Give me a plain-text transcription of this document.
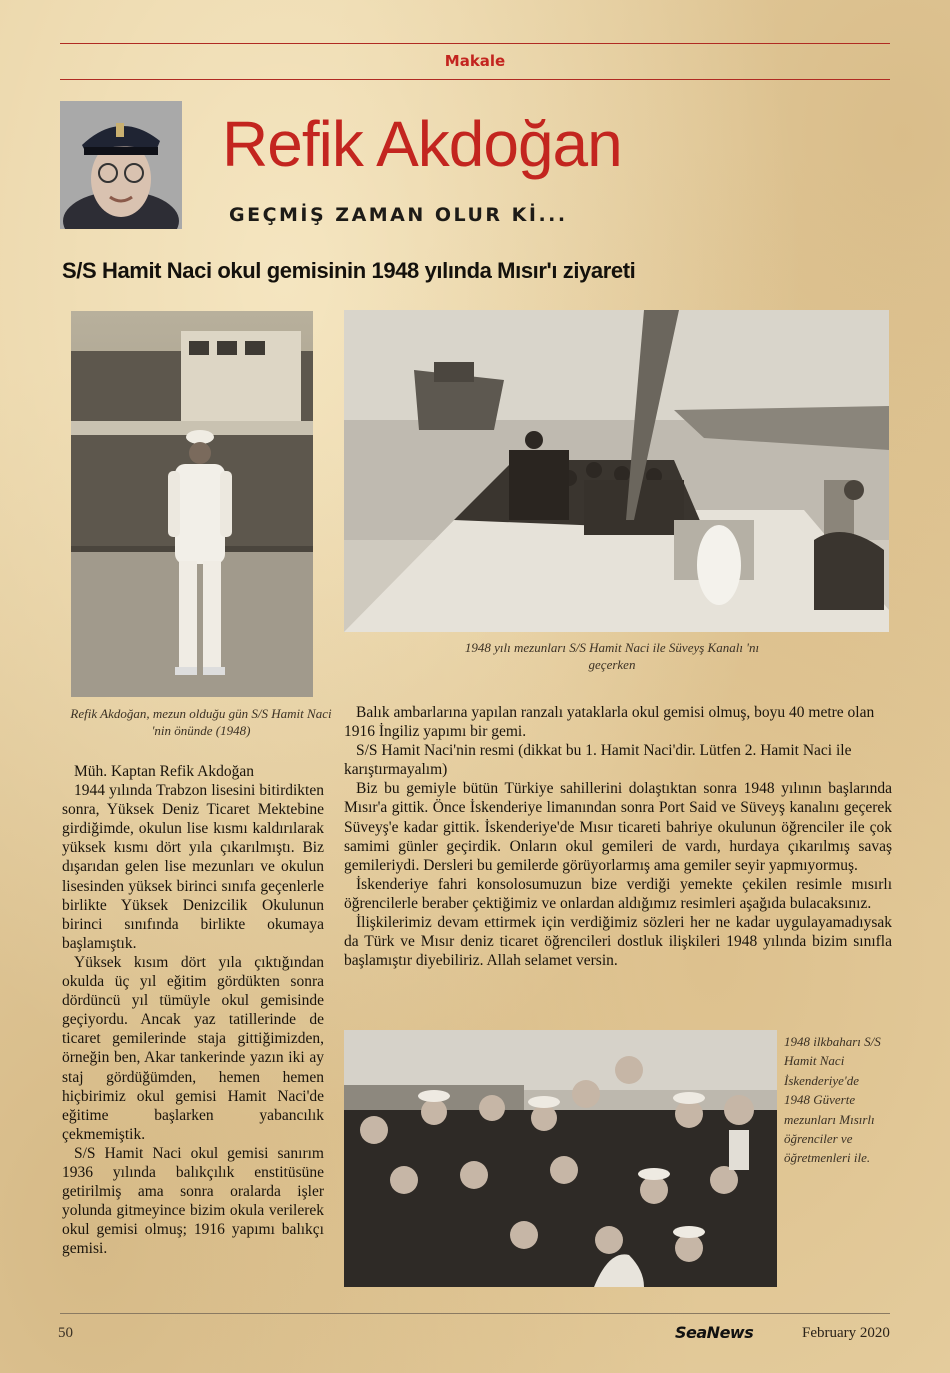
Makale
Refik Akdoğan
GEÇMİŞ ZAMAN OLUR Kİ...
S/S Hamit Naci okul gemisinin 1948 yılında Mısır'ı ziyareti
Refik Akdoğan, mezun olduğu gün S/S Hamit Naci 'nin önünde (1948)
1948 yılı mezunları S/S Hamit Naci ile Süveyş Kanalı 'nı geçerken

Müh. Kaptan Refik Akdoğan

1944 yılında Trabzon lisesini bitirdikten sonra, Yüksek Deniz Ticaret Mektebine girdiğimde, okulun lise kısmı kaldırılarak yüksek kısmı dört yıla çıkarılmıştı. Biz dışarıdan gelen lise mezunları ve okulun lisesinden yüksek birinci sınıfa geçenlerle birlikte Yüksek Denizcilik Okulunun birinci sınıfında birlikte okumaya başlamıştık.

Yüksek kısım dört yıla çıktığından okulda üç yıl eğitim gördükten sonra dördüncü yıl tümüyle okul gemisinde geçiyordu. Ancak yaz tatillerinde de ticaret gemilerinde staja gittiğimizden, örneğin ben, Akar tankerinde yazın iki ay staj gördüğümden, hemen hemen hiçbirimiz okul gemisi Hamit Naci'de eğitime başlarken yabancılık çekmemiştik.

S/S Hamit Naci okul gemisi sanırım 1936 yılında balıkçılık enstitüsüne getirilmiş ama sonra oralarda işler yolunda gitmeyince bizim okula verilerek okul gemisi olmuş; 1916 yapımı balıkçı gemisi.

Balık ambarlarına yapılan ranzalı yataklarla okul gemisi olmuş, boyu 40 metre olan 1916 İngiliz yapımı bir gemi.

S/S Hamit Naci'nin resmi (dikkat bu 1. Hamit Naci'dir. Lütfen 2. Hamit Naci ile karıştırmayalım)

Biz bu gemiyle bütün Türkiye sahillerini dolaştıktan sonra 1948 yılının başlarında Mısır'a gittik. Önce İskenderiye limanından sonra Port Said ve Süveyş kanalını geçerek Süveyş'e kadar gittik. İskenderiye'de Mısır ticareti bahriye okulunun öğrenciler ile çok samimi günler geçirdik. Onların okul gemileri de vardı, hurdaya çıkarılmış savaş gemileriydi. Dersleri bu gemilerde görüyorlarmış ama gemiler seyir yapmıyormuş.

İskenderiye fahri konsolosumuzun bize verdiği yemekte çekilen resimle mısırlı öğrencilerle beraber çektiğimiz ve onlardan aldığımız resimleri aşağıda bulacaksınız.

İlişkilerimiz devam ettirmek için verdiğimiz sözleri her ne kadar uygulayamadıysak da Türk ve Mısır deniz ticaret öğrencileri dostluk ilişkileri 1948 yılında bizim sınıfla başlamıştır diyebiliriz. Allah selamet versin.

1948 ilkbaharı S/S Hamit Naci İskenderiye'de 1948 Güverte mezunları Mısırlı öğrenciler ve öğretmenleri ile.
50	SeaNews	February 2020
